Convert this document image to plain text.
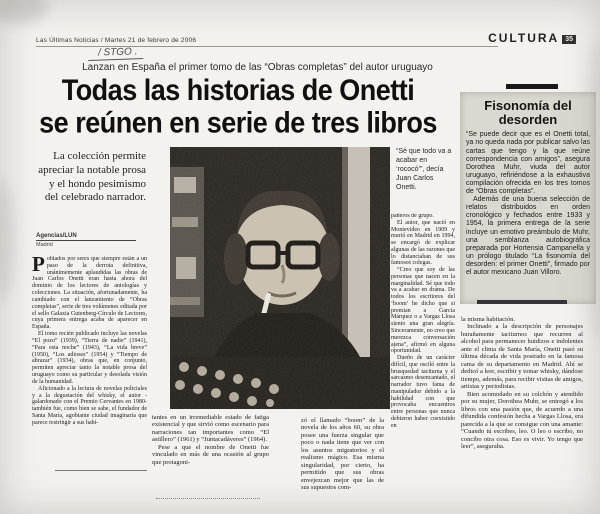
Las Últimas Noticias / Martes 21 de febrero de 2006	CULTURA 35
/ STGO .
Lanzan en España el primer tomo de las “Obras completas” del autor uruguayo
Todas las historias de Onetti
se reúnen en serie de tres libros
La colección permite apreciar la notable prosa y el hondo pesimismo del celebrado narrador.
Agencias/LUN
Madrid

Poblados por seres que siempre están a un paso de la derrota definitiva, unánimemente aplaudidas las obras de Juan Carlos Onetti eran hasta ahora del dominio de los lectores de antologías y colecciones. La situación, afortunadamente, ha cambiado con el lanzamiento de “Obras completas”, serie de tres volúmenes editada por el sello Galaxia Gutenberg-Círculo de Lectores, cuya primera entrega acaba de aparecer en España.

El tomo recién publicado incluye las novelas “El pozo” (1939), “Tierra de nadie” (1941), “Para esta noche” (1943), “La vida breve” (1950), “Los adioses” (1954) y “Tiempo de abrazar” (1934), obras que, en conjunto, permiten apreciar tanto la notable prosa del uruguayo como su particular y desolada visión de la humanidad.

Aficionado a la lectura de novelas policiales y a la degustación del whisky, el autor -galardonado con el Premio Cervantes en 1980- también fue, como bien se sabe, el fundador de Santa María, agobiante ciudad imaginaria que parece restringir a sus habi-

“Sé que todo va a acabar en ‘rococó’”, decía Juan Carlos Onetti.

tantes en un irremediable estado de fatiga existencial y que sirvió como escenario para narraciones tan importantes como “El astillero” (1961) y “Juntacadáveres” (1964).

Pese a que el nombre de Onetti fue vinculado en más de una ocasión al grupo que protagoni-

zó el llamado “boom” de la novela de los años 60, su obra posee una fuerza singular que poco o nada tiene que ver con los asuntos migratorios y el realismo mágico. Esa misma singularidad, por cierto, ha permitido que sus obras envejezcan mejor que las de sus supuestos com-

pañeros de grupo.

El autor, que nació en Montevideo en 1909 y murió en Madrid en 1994, se encargó de explicar algunas de las razones que lo distanciaban de sus famosos colegas.

“Creo que soy de las personas que nacen en la marginalidad. Sé que todo va a acabar en drama. De todos los escritores del ‘boom’ he dicho que si premian a García Márquez o a Vargas Llosa siento una gran alegría. Sinceramente, no creo que merezca conversación ajena”, afirmó en alguna oportunidad.

Dueño de un carácter difícil, que osciló entre la brusquedad taciturna y el sarcasmo desencantado, el narrador tuvo fama de manipulador debido a la habilidad con que provocaba encuentros entre personas que nunca debieron haber coexistido en

Fisonomía del
desorden

“Se puede decir que es el Onetti total, ya no queda nada por publicar salvo las cartas que tengo y la que reúne correspondencia con amigos”, asegura Dorothea Muhr, viuda del autor uruguayo, refiriéndose a la exhaustiva compilación ofrecida en los tres tomos de “Obras completas”.

Además de una buena selección de relatos distribuidos en orden cronológico y fechados entre 1933 y 1954, la primera entrega de la serie incluye un emotivo preámbulo de Muhr, una semblanza autobiográfica preparada por Hortensia Campanella y un prólogo titulado “La fisonomía del desorden: el primer Onetti”, firmado por el autor mexicano Juan Villoro.

la misma habitación.

Inclinado a la descripción de personajes hurañamente taciturnos que recurren al alcohol para permanecer huidizos e indolentes ante el clima de Santa María, Onetti pasó su última década de vida postrado en la famosa cama de su departamento en Madrid. Ahí se dedicó a leer, escribir y tomar whisky, dándose tiempo, además, para recibir visitas de amigos, artistas y periodistas.

Bien acomodado en su colchón y atendido por su mujer, Dorothea Muhr, se entregó a los libros con una pasión que, de acuerdo a una difundida confesión hecha a Vargas Llosa, era parecida a la que se consigue con una amante: “Cuando tú escribes, leo. O leo o escribo, no concibo otra cosa. Eso es vivir. Yo tengo que leer”, aseguraba.
